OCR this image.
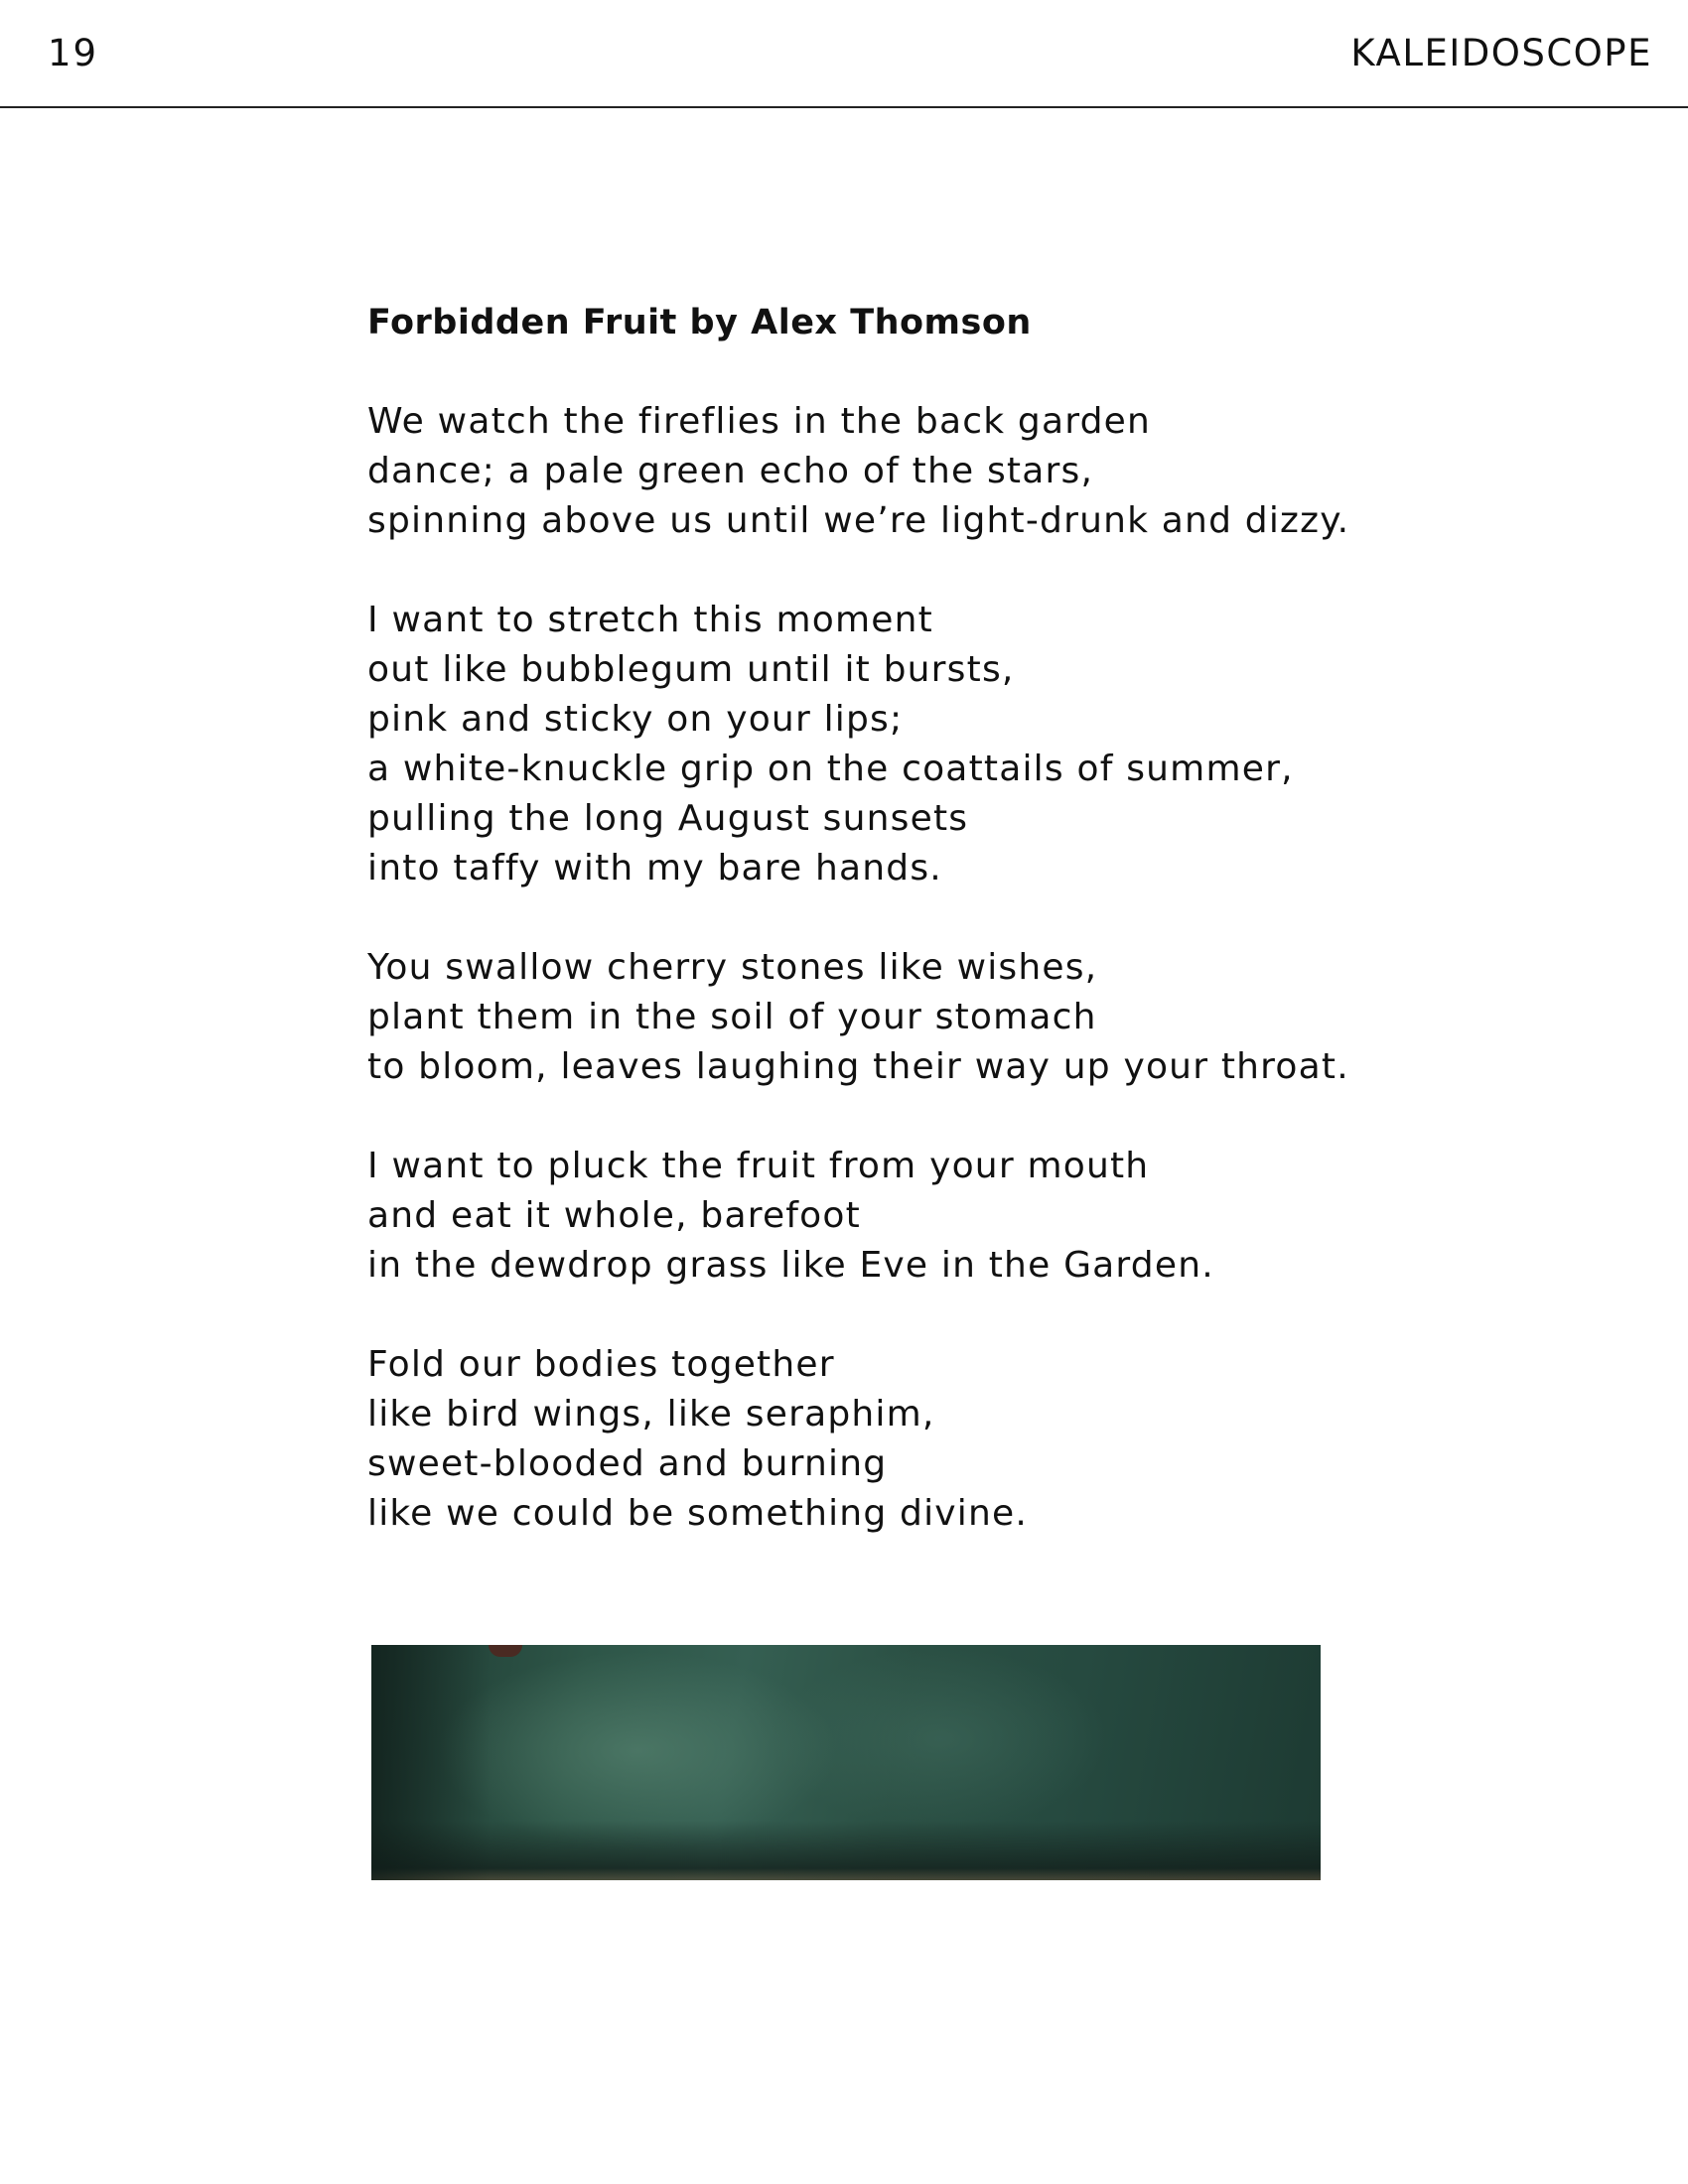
19	KALEIDOSCOPE
Forbidden Fruit by Alex Thomson
We watch the fireflies in the back garden
dance; a pale green echo of the stars,
spinning above us until we’re light-drunk and dizzy.
I want to stretch this moment
out like bubblegum until it bursts,
pink and sticky on your lips;
a white-knuckle grip on the coattails of summer,
pulling the long August sunsets
into taffy with my bare hands.
You swallow cherry stones like wishes,
plant them in the soil of your stomach
to bloom, leaves laughing their way up your throat.
I want to pluck the fruit from your mouth
and eat it whole, barefoot
in the dewdrop grass like Eve in the Garden.
Fold our bodies together
like bird wings, like seraphim,
sweet-blooded and burning
like we could be something divine.
